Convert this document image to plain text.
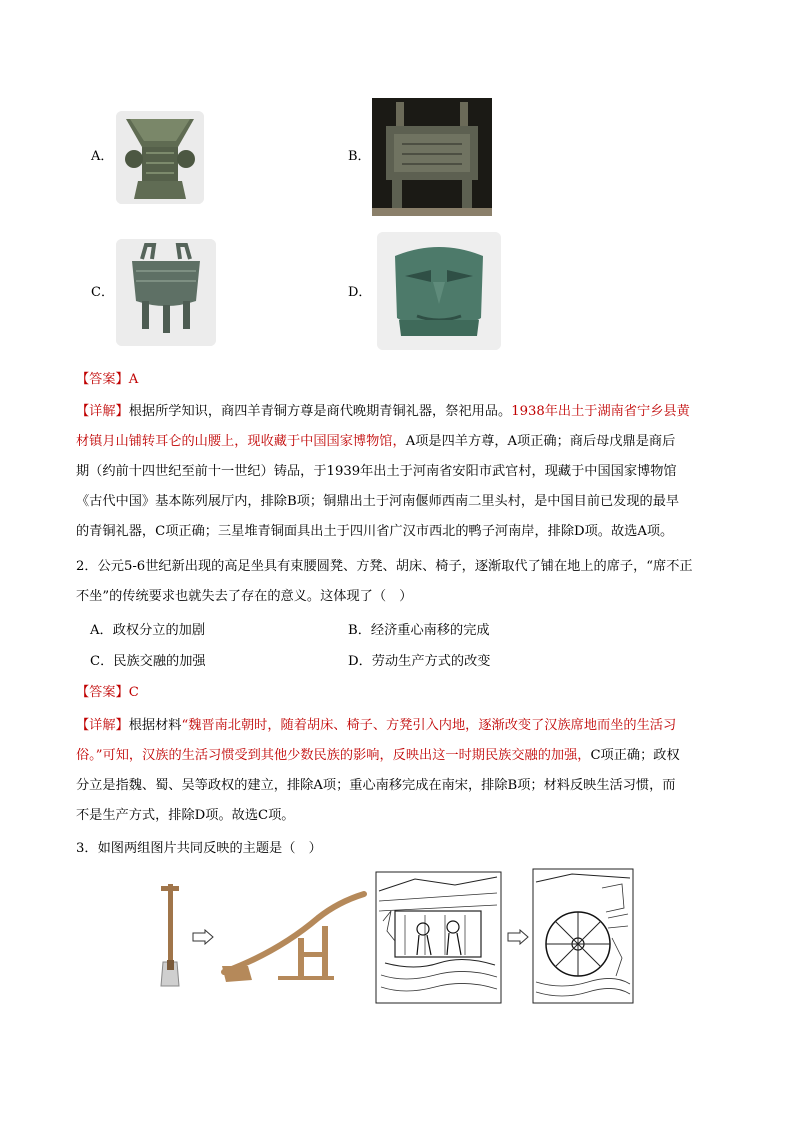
A．	B．
C．	D．
【答案】A
【详解】根据所学知识，商四羊青铜方尊是商代晚期青铜礼器，祭祀用品。1938年出土于湖南省宁乡县黄
材镇月山铺转耳仑的山腰上，现收藏于中国国家博物馆，A项是四羊方尊，A项正确；商后母戊鼎是商后
期（约前十四世纪至前十一世纪）铸品，于1939年出土于河南省安阳市武官村，现藏于中国国家博物馆
《古代中国》基本陈列展厅内，排除B项；铜鼎出土于河南偃师西南二里头村，是中国目前已发现的最早
的青铜礼器，C项正确；三星堆青铜面具出土于四川省广汉市西北的鸭子河南岸，排除D项。故选A项。
2．公元5-6世纪新出现的高足坐具有束腰圆凳、方凳、胡床、椅子，逐渐取代了铺在地上的席子，“席不正
不坐”的传统要求也就失去了存在的意义。这体现了（　）
A．政权分立的加剧	B．经济重心南移的完成
C．民族交融的加强	D．劳动生产方式的改变
【答案】C
【详解】根据材料“魏晋南北朝时，随着胡床、椅子、方凳引入内地，逐渐改变了汉族席地而坐的生活习
俗。”可知，汉族的生活习惯受到其他少数民族的影响，反映出这一时期民族交融的加强，C项正确；政权
分立是指魏、蜀、吴等政权的建立，排除A项；重心南移完成在南宋，排除B项；材料反映生活习惯，而
不是生产方式，排除D项。故选C项。
3．如图两组图片共同反映的主题是（　）
